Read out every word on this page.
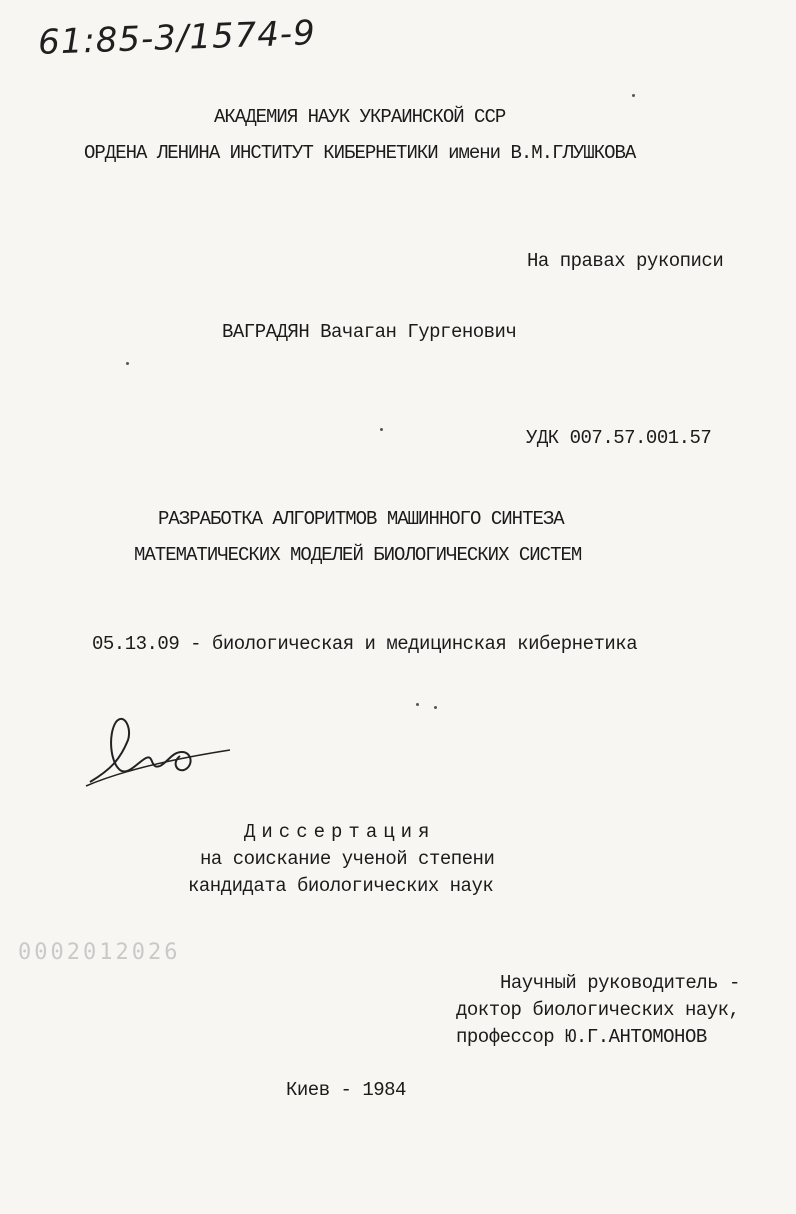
61:85-3/1574-9
АКАДЕМИЯ НАУК УКРАИНСКОЙ ССР
ОРДЕНА ЛЕНИНА ИНСТИТУТ КИБЕРНЕТИКИ имени В.М.ГЛУШКОВА
На правах рукописи
ВАГРАДЯН Вачаган Гургенович
УДК 007.57.001.57
РАЗРАБОТКА АЛГОРИТМОВ МАШИННОГО СИНТЕЗА
МАТЕМАТИЧЕСКИХ МОДЕЛЕЙ БИОЛОГИЧЕСКИХ СИСТЕМ
05.13.09 - биологическая и медицинская кибернетика
Диссертация
на соискание ученой степени
кандидата биологических наук
0002012026
Научный руководитель -
доктор биологических наук,
профессор Ю.Г.АНТОМОНОВ
Киев - 1984
